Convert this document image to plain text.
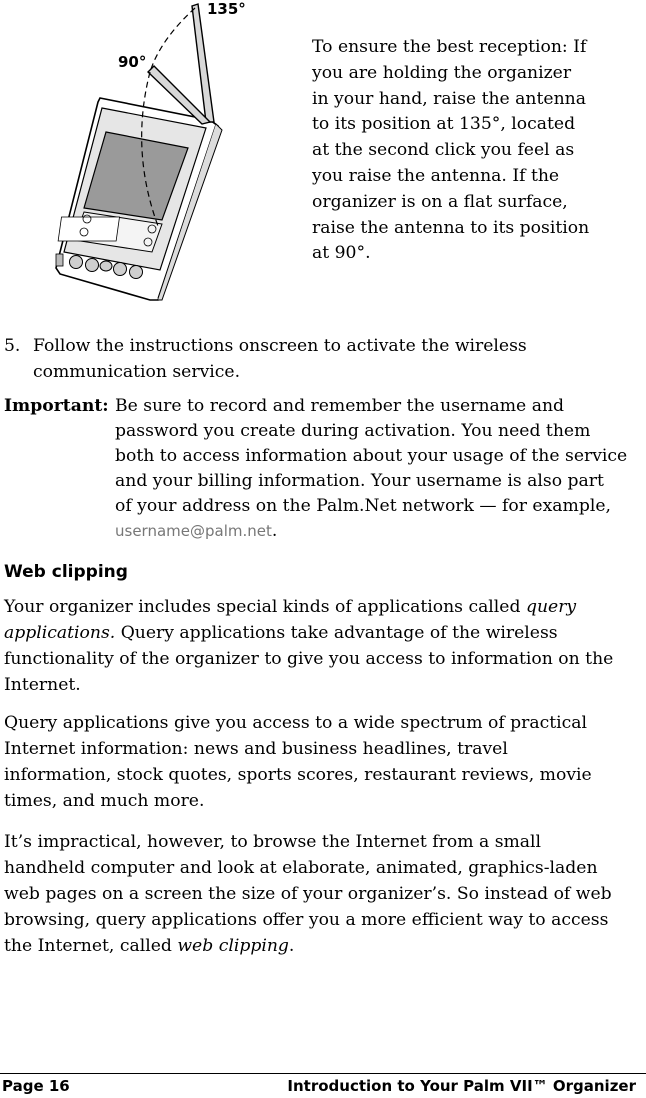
135°
90°
To ensure the best reception: If
you are holding the organizer
in your hand, raise the antenna
to its position at 135°, located
at the second click you feel as
you raise the antenna. If the
organizer is on a flat surface,
raise the antenna to its position
at 90°.
5. Follow the instructions onscreen to activate the wireless
communication service.
Important: Be sure to record and remember the username and
password you create during activation. You need them
both to access information about your usage of the service
and your billing information. Your username is also part
of your address on the Palm.Net network — for example,
username@palm.net.
Web clipping
Your organizer includes special kinds of applications called query
applications. Query applications take advantage of the wireless
functionality of the organizer to give you access to information on the
Internet.
Query applications give you access to a wide spectrum of practical
Internet information: news and business headlines, travel
information, stock quotes, sports scores, restaurant reviews, movie
times, and much more.
It’s impractical, however, to browse the Internet from a small
handheld computer and look at elaborate, animated, graphics-laden
web pages on a screen the size of your organizer’s. So instead of web
browsing, query applications offer you a more efficient way to access
the Internet, called web clipping.
Page 16	Introduction to Your Palm VII™ Organizer
